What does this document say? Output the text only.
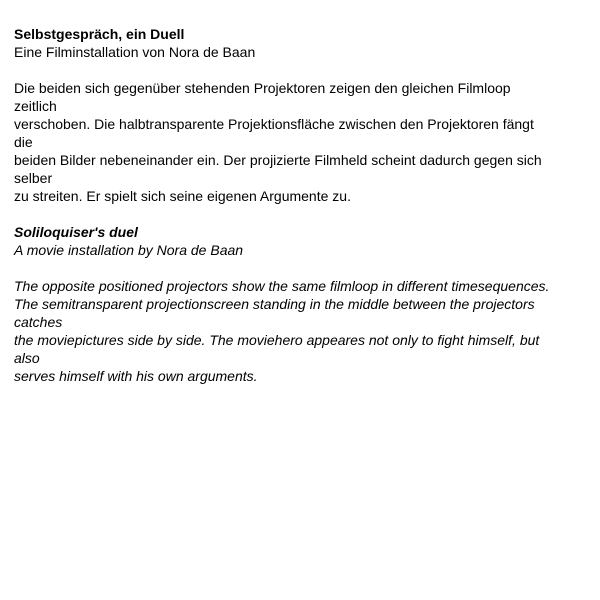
Selbstgespräch, ein Duell

Eine Filminstallation von Nora de Baan

Die beiden sich gegenüber stehenden Projektoren zeigen den gleichen Filmloop zeitlich
verschoben. Die halbtransparente Projektionsfläche zwischen den Projektoren fängt die
beiden Bilder nebeneinander ein. Der projizierte Filmheld scheint dadurch gegen sich selber
zu streiten. Er spielt sich seine eigenen Argumente zu.

Soliloquiser's duel

A movie installation by Nora de Baan

The opposite positioned projectors show the same filmloop in different timesequences.
The semitransparent projectionscreen standing in the middle between the projectors catches
the moviepictures side by side. The moviehero appeares not only to fight himself, but also
serves himself with his own arguments.
